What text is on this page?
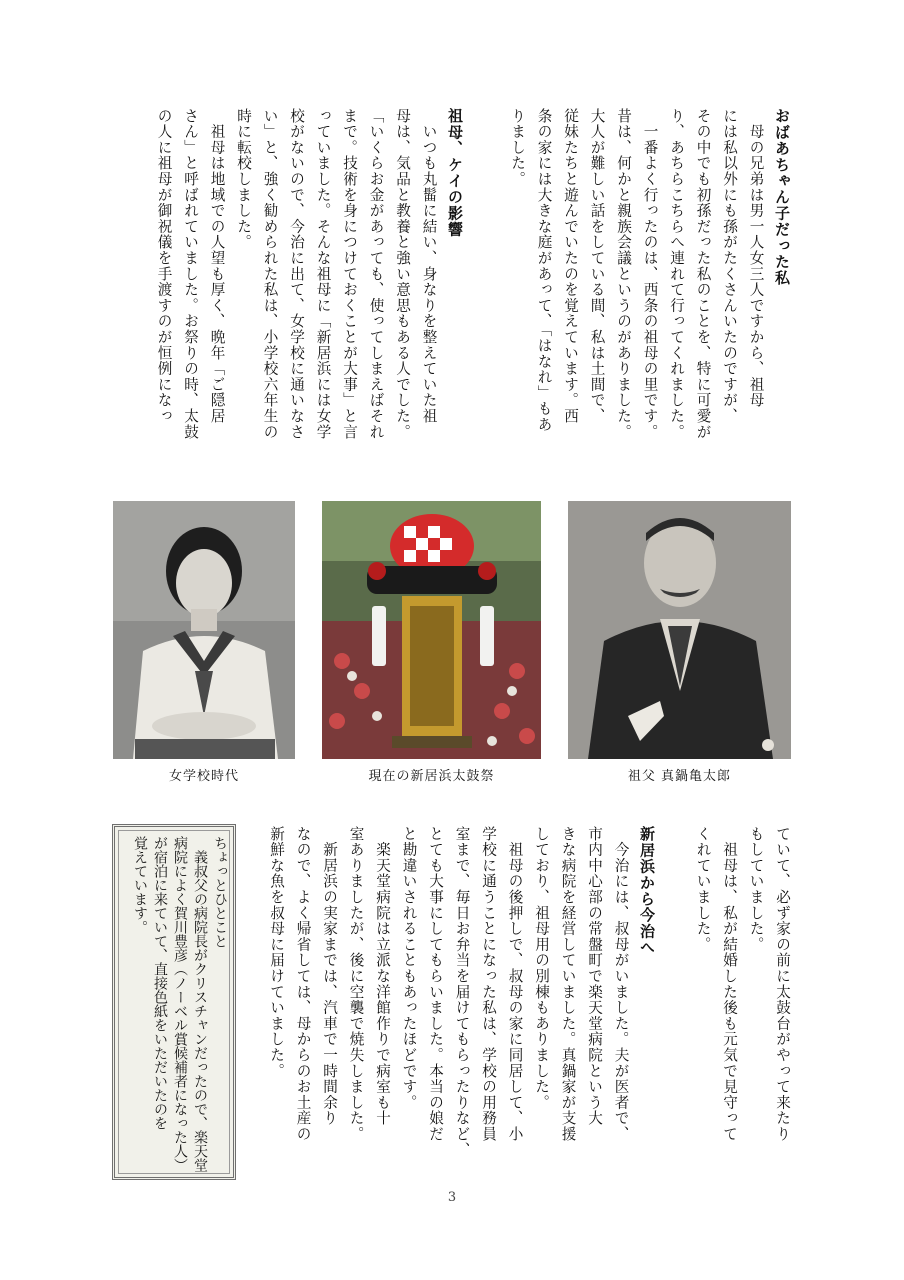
おばあちゃん子だった私

　母の兄弟は男一人女三人ですから、祖母

には私以外にも孫がたくさんいたのですが、

その中でも初孫だった私のことを、特に可愛が

り、あちらこちらへ連れて行ってくれました。

　一番よく行ったのは、西条の祖母の里です。

昔は、何かと親族会議というのがありました。

大人が難しい話をしている間、私は土間で、

従妹たちと遊んでいたのを覚えています。西

条の家には大きな庭があって、「はなれ」もあ

りました。

祖母、ケイの影響

　いつも丸髷に結い、身なりを整えていた祖

母は、気品と教養と強い意思もある人でした。

「いくらお金があっても、使ってしまえばそれ

まで。技術を身につけておくことが大事」と言

っていました。そんな祖母に「新居浜には女学

校がないので、今治に出て、女学校に通いなさ

い」と、強く勧められた私は、小学校六年生の

時に転校しました。

　祖母は地域での人望も厚く、晩年「ご隠居

さん」と呼ばれていました。お祭りの時、太鼓

の人に祖母が御祝儀を手渡すのが恒例になっ

女学校時代	現在の新居浜太鼓祭	祖父 真鍋亀太郎

ていて、必ず家の前に太鼓台がやって来たり

もしていました。

　祖母は、私が結婚した後も元気で見守って

くれていました。

新居浜から今治へ

　今治には、叔母がいました。夫が医者で、

市内中心部の常盤町で楽天堂病院という大

きな病院を経営していました。真鍋家が支援

しており、祖母用の別棟もありました。

　祖母の後押しで、叔母の家に同居して、小

学校に通うことになった私は、学校の用務員

室まで、毎日お弁当を届けてもらったりなど、

とても大事にしてもらいました。本当の娘だ

と勘違いされることもあったほどです。

　楽天堂病院は立派な洋館作りで病室も十

室ありましたが、後に空襲で焼失しました。

　新居浜の実家までは、汽車で一時間余り

なので、よく帰省しては、母からのお土産の

新鮮な魚を叔母に届けていました。

ちょっとひとこと

　義叔父の病院長がクリスチャンだったので、楽天堂

病院によく賀川豊彦（ノーベル賞候補者になった人）

が宿泊に来ていて、直接色紙をいただいたのを

覚えています。

3
